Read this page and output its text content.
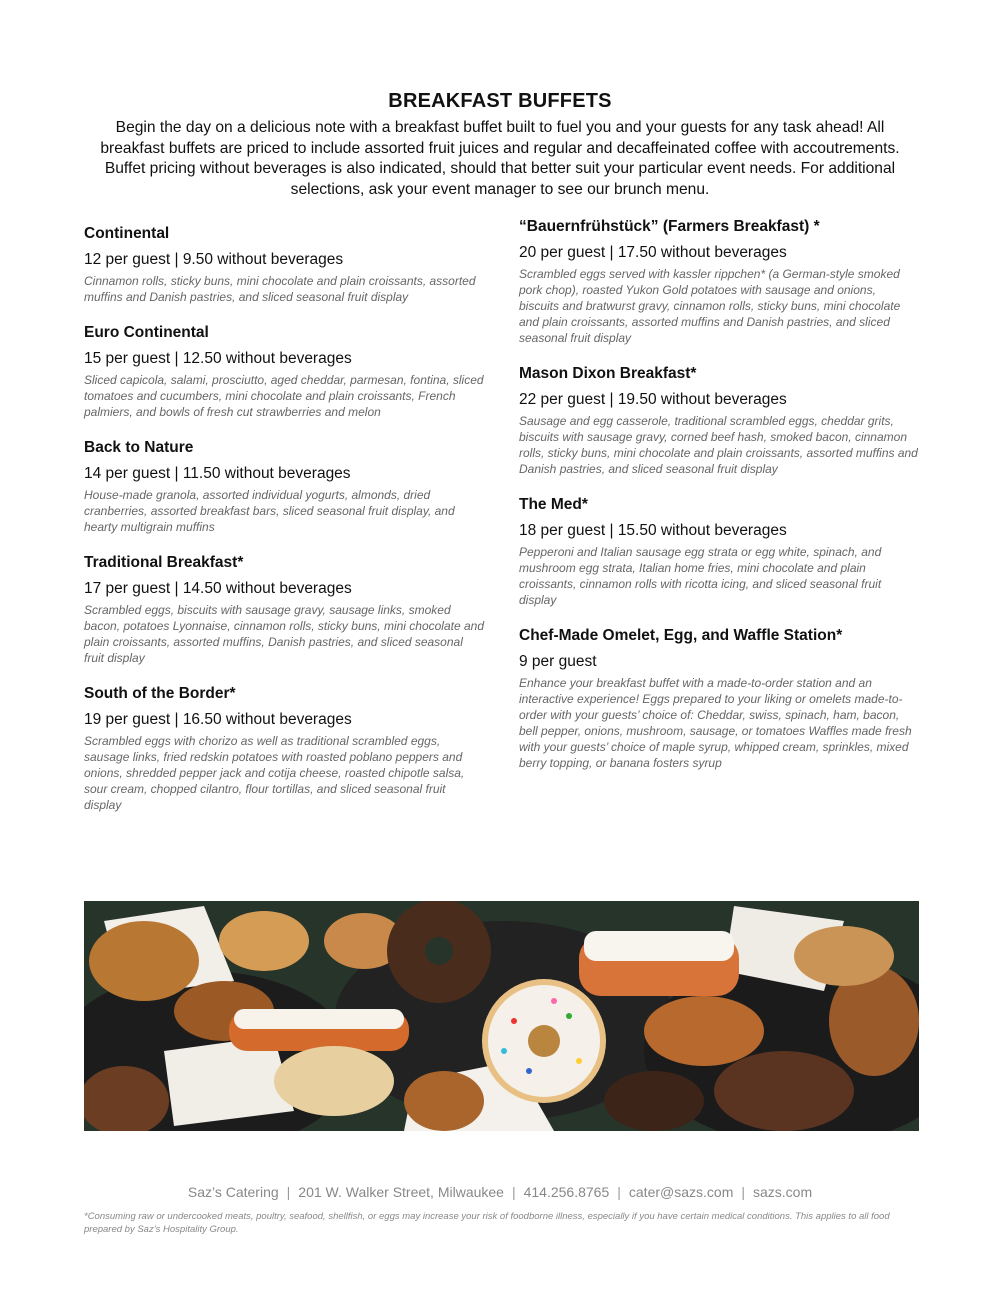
BREAKFAST BUFFETS

Begin the day on a delicious note with a breakfast buffet built to fuel you and your guests for any task ahead! All breakfast buffets are priced to include assorted fruit juices and regular and decaffeinated coffee with accoutrements. Buffet pricing without beverages is also indicated, should that better suit your particular event needs. For additional selections, ask your event manager to see our brunch menu.

Continental

12 per guest | 9.50 without beverages

Cinnamon rolls, sticky buns, mini chocolate and plain croissants, assorted muffins and Danish pastries, and sliced seasonal fruit display

Euro Continental

15 per guest | 12.50 without beverages

Sliced capicola, salami, prosciutto, aged cheddar, parmesan, fontina, sliced tomatoes and cucumbers, mini chocolate and plain croissants, French palmiers, and bowls of fresh cut strawberries and melon

Back to Nature

14 per guest | 11.50 without beverages

House-made granola, assorted individual yogurts, almonds, dried cranberries, assorted breakfast bars, sliced seasonal fruit display, and hearty multigrain muffins

Traditional Breakfast*

17 per guest | 14.50 without beverages

Scrambled eggs, biscuits with sausage gravy, sausage links, smoked bacon, potatoes Lyonnaise, cinnamon rolls, sticky buns, mini chocolate and plain croissants, assorted muffins, Danish pastries, and sliced seasonal fruit display

South of the Border*

19 per guest | 16.50 without beverages

Scrambled eggs with chorizo as well as traditional scrambled eggs, sausage links, fried redskin potatoes with roasted poblano peppers and onions, shredded pepper jack and cotija cheese, roasted chipotle salsa, sour cream, chopped cilantro, flour tortillas, and sliced seasonal fruit display

“Bauernfrühstück” (Farmers Breakfast) *

20 per guest | 17.50 without beverages

Scrambled eggs served with kassler rippchen* (a German-style smoked pork chop), roasted Yukon Gold potatoes with sausage and onions, biscuits and bratwurst gravy, cinnamon rolls, sticky buns, mini chocolate and plain croissants, assorted muffins and Danish pastries, and sliced seasonal fruit display

Mason Dixon Breakfast*

22 per guest | 19.50 without beverages

Sausage and egg casserole, traditional scrambled eggs, cheddar grits, biscuits with sausage gravy, corned beef hash, smoked bacon, cinnamon rolls, sticky buns, mini chocolate and plain croissants, assorted muffins and Danish pastries, and sliced seasonal fruit display

The Med*

18 per guest | 15.50 without beverages

Pepperoni and Italian sausage egg strata or egg white, spinach, and mushroom egg strata, Italian home fries, mini chocolate and plain croissants, cinnamon rolls with ricotta icing, and sliced seasonal fruit display

Chef-Made Omelet, Egg, and Waffle Station*

9 per guest

Enhance your breakfast buffet with a made-to-order station and an interactive experience! Eggs prepared to your liking or omelets made-to-order with your guests’ choice of: Cheddar, swiss, spinach, ham, bacon, bell pepper, onions, mushroom, sausage, or tomatoes Waffles made fresh with your guests’ choice of maple syrup, whipped cream, sprinkles, mixed berry topping, or banana fosters syrup

Saz’s Catering | 201 W. Walker Street, Milwaukee | 414.256.8765 | cater@sazs.com | sazs.com

*Consuming raw or undercooked meats, poultry, seafood, shellfish, or eggs may increase your risk of foodborne illness, especially if you have certain medical conditions. This applies to all food prepared by Saz’s Hospitality Group.
